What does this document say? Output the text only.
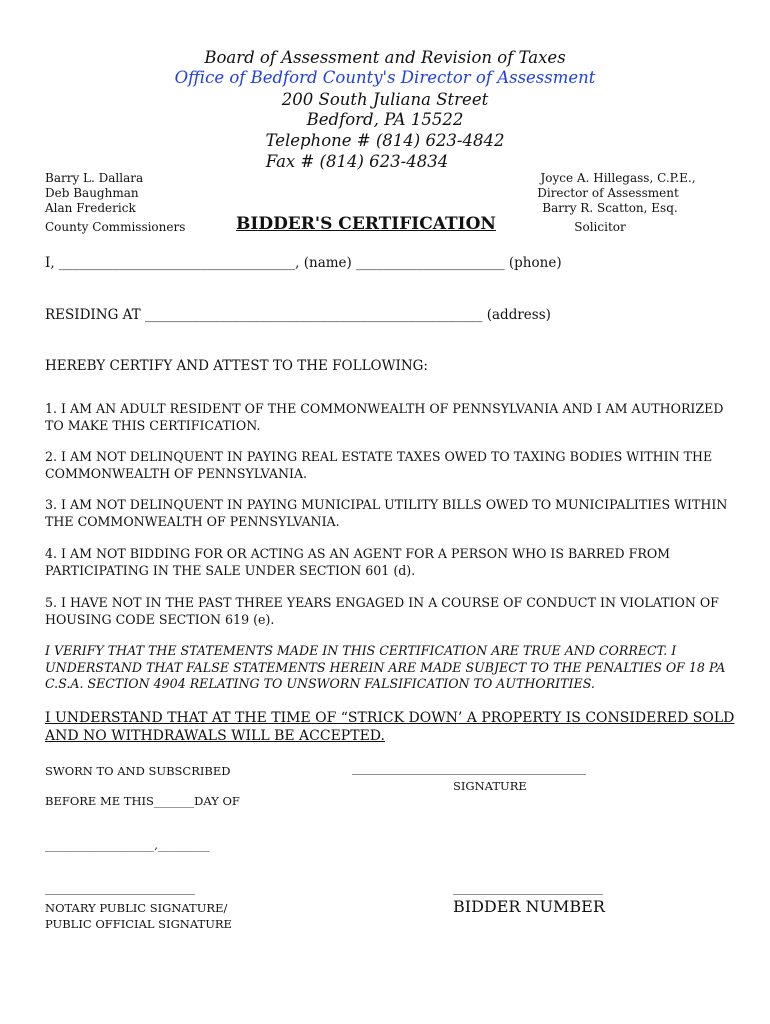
Board of Assessment and Revision of Taxes
Office of Bedford County's Director of Assessment
200 South Juliana Street
Bedford, PA 15522
Telephone # (814) 623-4842
Fax # (814) 623-4834
Barry L. Dallara
Deb Baughman
Alan Frederick
County Commissioners	BIDDER'S CERTIFICATION
Joyce A. Hillegass, C.P.E.,
Director of Assessment
Barry R. Scatton, Esq.
Solicitor
I, ___________________________________, (name) ______________________ (phone)
RESIDING AT __________________________________________________ (address)
HEREBY CERTIFY AND ATTEST TO THE FOLLOWING:
1. I AM AN ADULT RESIDENT OF THE COMMONWEALTH OF PENNSYLVANIA AND I AM AUTHORIZED TO MAKE THIS CERTIFICATION.
2. I AM NOT DELINQUENT IN PAYING REAL ESTATE TAXES OWED TO TAXING BODIES WITHIN THE COMMONWEALTH OF PENNSYLVANIA.
3. I AM NOT DELINQUENT IN PAYING MUNICIPAL UTILITY BILLS OWED TO MUNICIPALITIES WITHIN THE COMMONWEALTH OF PENNSYLVANIA.
4. I AM NOT BIDDING FOR OR ACTING AS AN AGENT FOR A PERSON WHO IS BARRED FROM PARTICIPATING IN THE SALE UNDER SECTION 601 (d).
5. I HAVE NOT IN THE PAST THREE YEARS ENGAGED IN A COURSE OF CONDUCT IN VIOLATION OF HOUSING CODE SECTION 619 (e).
I VERIFY THAT THE STATEMENTS MADE IN THIS CERTIFICATION ARE TRUE AND CORRECT. I UNDERSTAND THAT FALSE STATEMENTS HEREIN ARE MADE SUBJECT TO THE PENALTIES OF 18 PA C.S.A. SECTION 4904 RELATING TO UNSWORN FALSIFICATION TO AUTHORITIES.
I UNDERSTAND THAT AT THE TIME OF “STRICK DOWN’ A PROPERTY IS CONSIDERED SOLD AND NO WITHDRAWALS WILL BE ACCEPTED.
SWORN TO AND SUBSCRIBED	_______________________________________
SIGNATURE
BEFORE ME THIS_______DAY OF
___________________,_________
_________________________
NOTARY PUBLIC SIGNATURE/
PUBLIC OFFICIAL SIGNATURE
_________________________
BIDDER NUMBER
